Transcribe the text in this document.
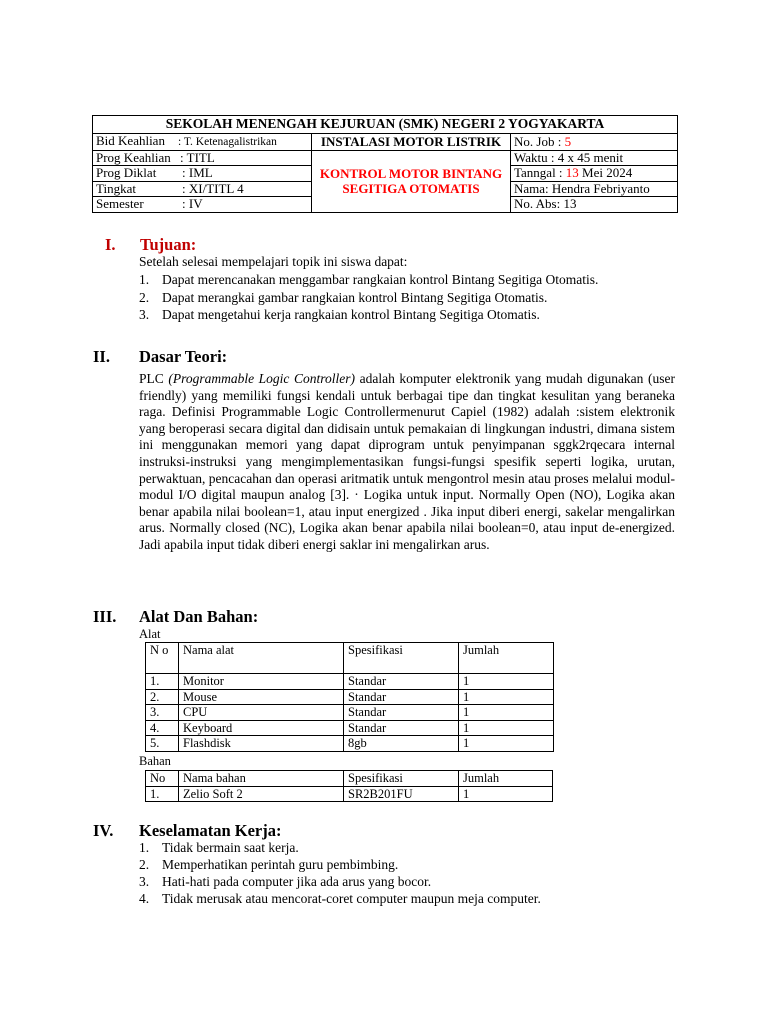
SEKOLAH MENENGAH KEJURUAN (SMK) NEGERI 2 YOGYAKARTA		
Bid Keahlian : T. Ketenagalistrikan	INSTALASI MOTOR LISTRIK	No. Job : 5
Prog Keahlian : TITL	KONTROL MOTOR BINTANG SEGITIGA OTOMATIS	Waktu : 4 x 45 menit
Prog Diklat : IML		Tanngal : 13 Mei 2024
Tingkat : XI/TITL 4		Nama: Hendra Febriyanto
Semester : IV		No. Abs: 13
I. Tujuan:
Setelah selesai mempelajari topik ini siswa dapat:
1. Dapat merencanakan menggambar rangkaian kontrol Bintang Segitiga Otomatis.
2. Dapat merangkai gambar rangkaian kontrol Bintang Segitiga Otomatis.
3. Dapat mengetahui kerja rangkaian kontrol Bintang Segitiga Otomatis.
II. Dasar Teori:

PLC (Programmable Logic Controller) adalah komputer elektronik yang mudah digunakan (user friendly) yang memiliki fungsi kendali untuk berbagai tipe dan tingkat kesulitan yang beraneka raga. Definisi Programmable Logic Controllermenurut Capiel (1982) adalah :sistem elektronik yang beroperasi secara digital dan didisain untuk pemakaian di lingkungan industri, dimana sistem ini menggunakan memori yang dapat diprogram untuk penyimpanan sggk2rqecara internal instruksi-instruksi yang mengimplementasikan fungsi-fungsi spesifik seperti logika, urutan, perwaktuan, pencacahan dan operasi aritmatik untuk mengontrol mesin atau proses melalui modul-modul I/O digital maupun analog [3]. · Logika untuk input. Normally Open (NO), Logika akan benar apabila nilai boolean=1, atau input energized . Jika input diberi energi, sakelar mengalirkan arus. Normally closed (NC), Logika akan benar apabila nilai boolean=0, atau input de-energized. Jadi apabila input tidak diberi energi saklar ini mengalirkan arus.

III. Alat Dan Bahan:
Alat
N o	Nama alat	Spesifikasi	Jumlah
1.	Monitor	Standar	1
2.	Mouse	Standar	1
3.	CPU	Standar	1
4.	Keyboard	Standar	1
5.	Flashdisk	8gb	1
Bahan
No	Nama bahan	Spesifikasi	Jumlah
1.	Zelio Soft 2	SR2B201FU	1
IV. Keselamatan Kerja:
1. Tidak bermain saat kerja.
2. Memperhatikan perintah guru pembimbing.
3. Hati-hati pada computer jika ada arus yang bocor.
4. Tidak merusak atau mencorat-coret computer maupun meja computer.
